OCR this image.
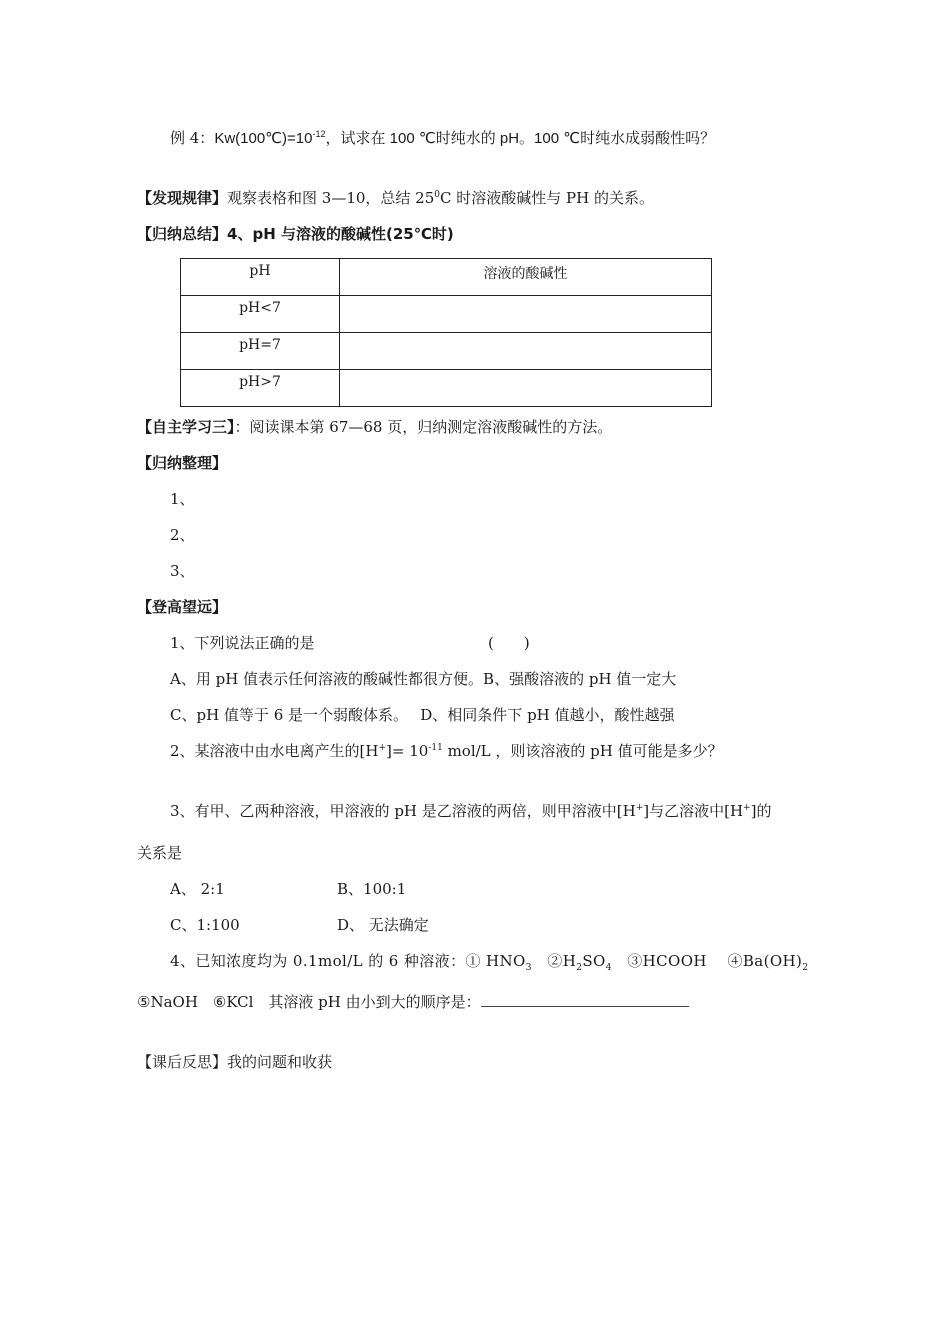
例 4：$Kw(100℃)=10^{-12}$，试求在 100 ℃时纯水的 pH。100 ℃时纯水成弱酸性吗？
【发现规律】观察表格和图 3—10，总结 $25^0C$ 时溶液酸碱性与 PH 的关系。
【归纳总结】4、pH 与溶液的酸碱性(25℃时)
pH	溶液的酸碱性
pH<7	
pH=7	
pH>7	
【自主学习三】：阅读课本第 67—68 页，归纳测定溶液酸碱性的方法。
【归纳整理】
1、
2、
3、
【登高望远】
1、下列说法正确的是	(　　)
A、用 pH 值表示任何溶液的酸碱性都很方便。B、强酸溶液的 pH 值一定大
C、pH 值等于 6 是一个弱酸体系。　 D、相同条件下 pH 值越小，酸性越强
2、某溶液中由水电离产生的$[H^+]= 10^{-11}$ mol/L ，则该溶液的 pH 值可能是多少？
3、有甲、乙两种溶液，甲溶液的 pH 是乙溶液的两倍，则甲溶液中[H+]与乙溶液中[H+]的
关系是
A、 2:1	B、100:1
C、1:100	D、 无法确定
4、已知浓度均为 0.1mol/L 的 6 种溶液：① $HNO_3$　$②H_2SO_4$　③HCOOH　 $④Ba(OH)_2$
⑤NaOH　⑥KCl　其溶液 pH 由小到大的顺序是：
【课后反思】我的问题和收获
